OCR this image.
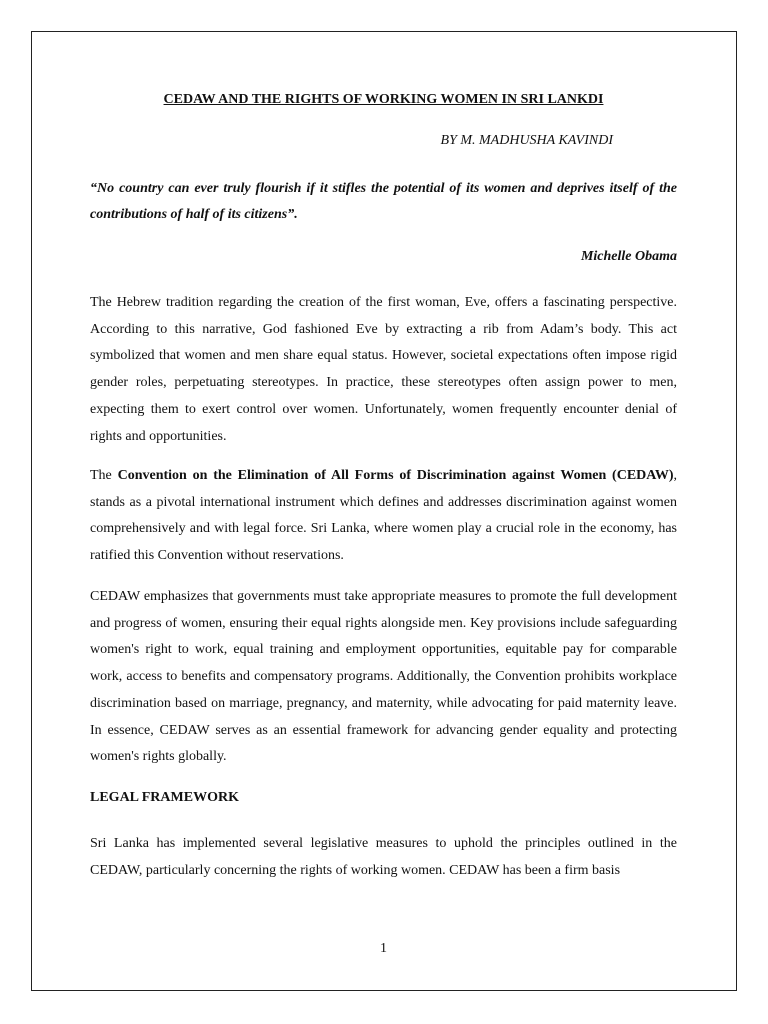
CEDAW AND THE RIGHTS OF WORKING WOMEN IN SRI LANKDI
BY M. MADHUSHA KAVINDI

“No country can ever truly flourish if it stifles the potential of its women and deprives itself of the contributions of half of its citizens”.

Michelle Obama

The Hebrew tradition regarding the creation of the first woman, Eve, offers a fascinating perspective. According to this narrative, God fashioned Eve by extracting a rib from Adam’s body. This act symbolized that women and men share equal status. However, societal expectations often impose rigid gender roles, perpetuating stereotypes. In practice, these stereotypes often assign power to men, expecting them to exert control over women. Unfortunately, women frequently encounter denial of rights and opportunities.

The Convention on the Elimination of All Forms of Discrimination against Women (CEDAW), stands as a pivotal international instrument which defines and addresses discrimination against women comprehensively and with legal force. Sri Lanka, where women play a crucial role in the economy, has ratified this Convention without reservations.

CEDAW emphasizes that governments must take appropriate measures to promote the full development and progress of women, ensuring their equal rights alongside men. Key provisions include safeguarding women's right to work, equal training and employment opportunities, equitable pay for comparable work, access to benefits and compensatory programs. Additionally, the Convention prohibits workplace discrimination based on marriage, pregnancy, and maternity, while advocating for paid maternity leave. In essence, CEDAW serves as an essential framework for advancing gender equality and protecting women's rights globally.

LEGAL FRAMEWORK

Sri Lanka has implemented several legislative measures to uphold the principles outlined in the CEDAW, particularly concerning the rights of working women. CEDAW has been a firm basis

1
